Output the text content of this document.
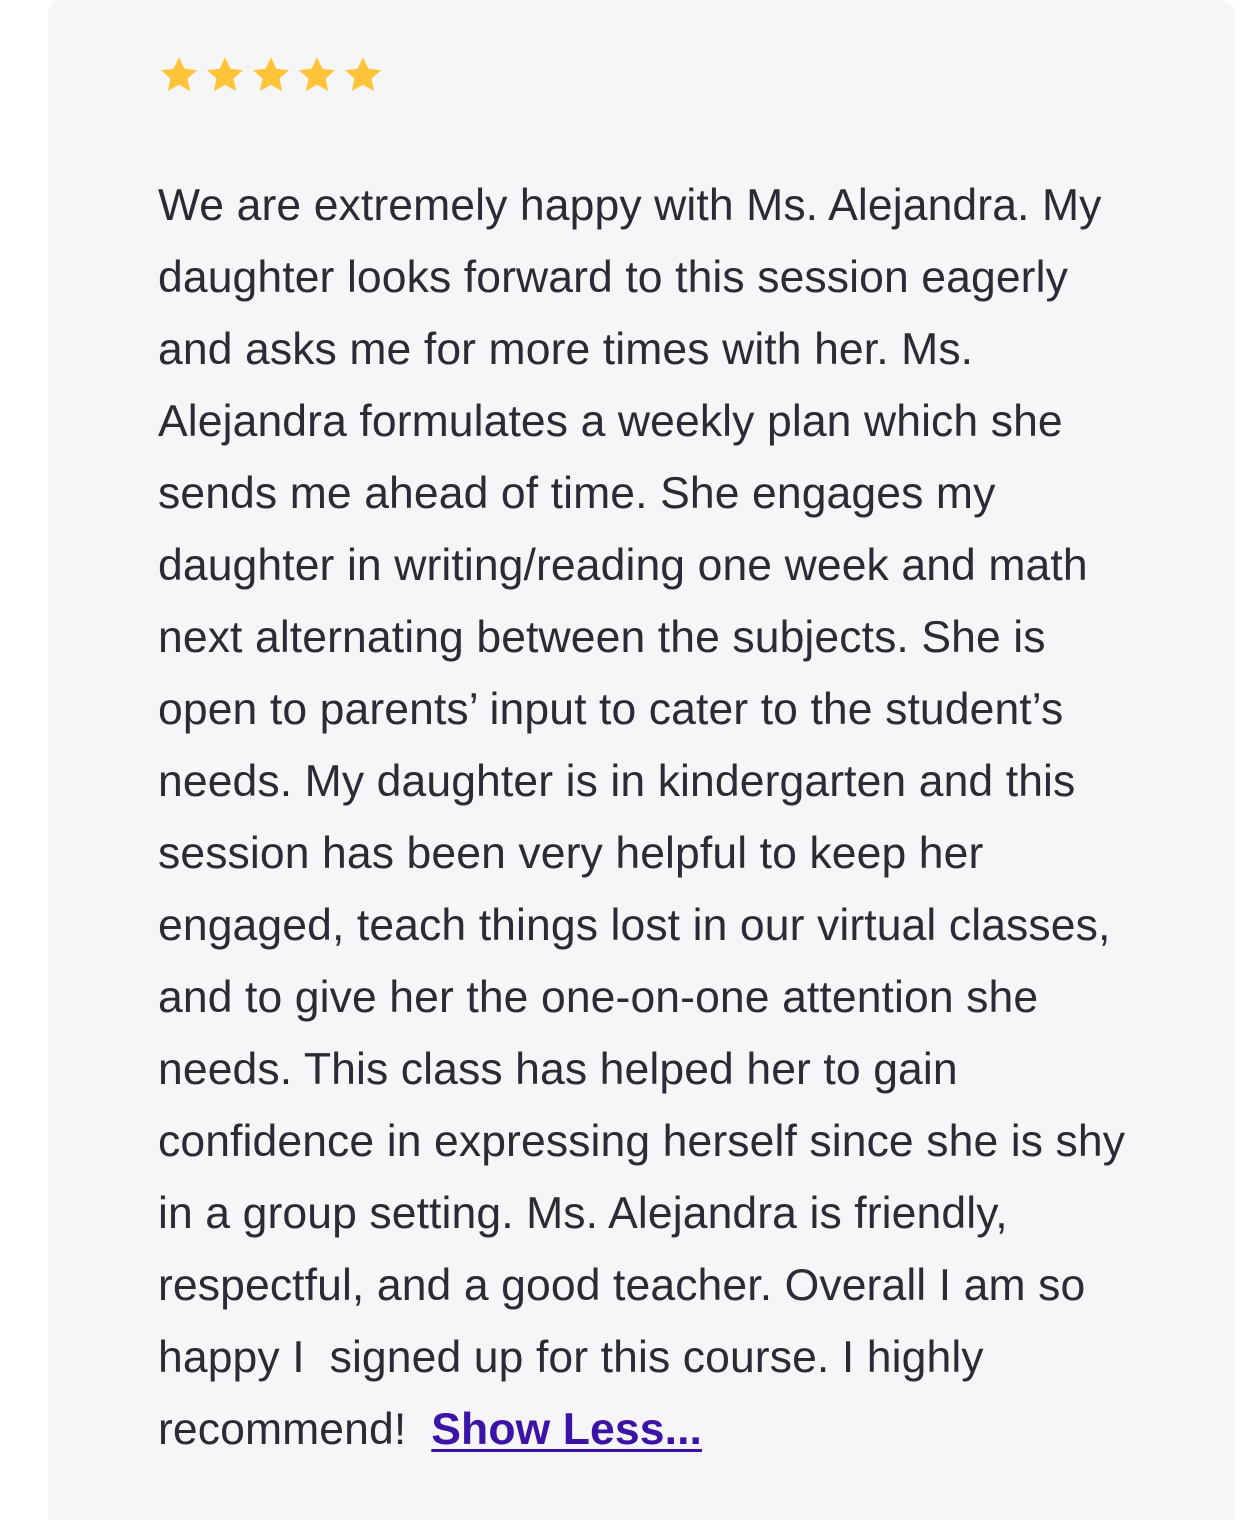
We are extremely happy with Ms. Alejandra. My
daughter looks forward to this session eagerly
and asks me for more times with her. Ms.
Alejandra formulates a weekly plan which she
sends me ahead of time. She engages my
daughter in writing/reading one week and math
next alternating between the subjects. She is
open to parents’ input to cater to the student’s
needs. My daughter is in kindergarten and this
session has been very helpful to keep her
engaged, teach things lost in our virtual classes,
and to give her the one-on-one attention she
needs. This class has helped her to gain
confidence in expressing herself since she is shy
in a group setting. Ms. Alejandra is friendly,
respectful, and a good teacher. Overall I am so
happy I  signed up for this course. I highly
recommend!  Show Less...
